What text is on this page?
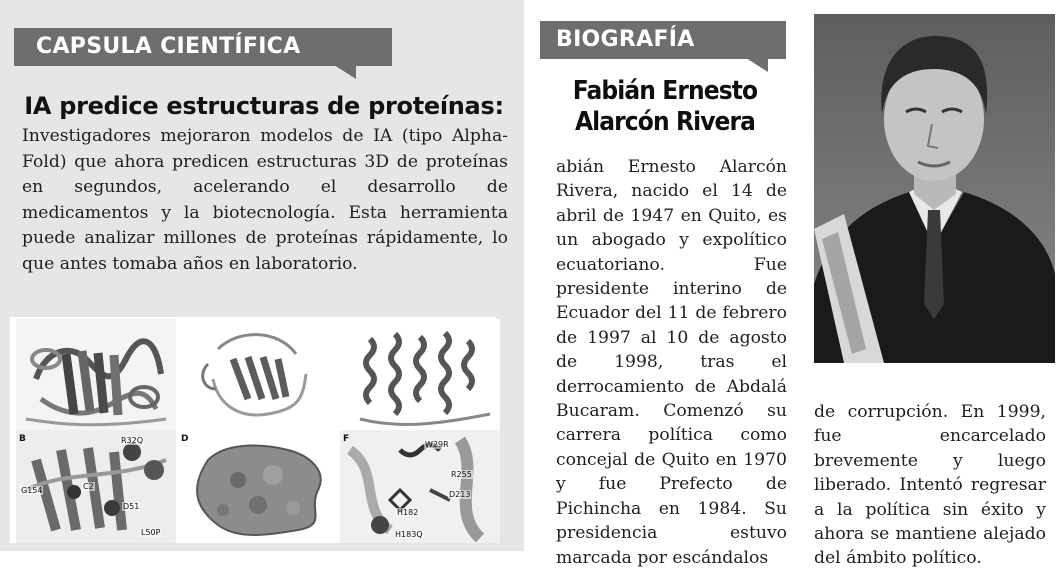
CAPSULA CIENTÍFICA
IA predice estructuras de proteínas:

Investigadores mejoraron modelos de IA (tipo Alpha-Fold) que ahora predicen estructuras 3D de proteínas en segundos, acelerando el desarrollo de medicamentos y la biotecnología. Esta herramienta puede analizar millones de proteínas rápidamente, lo que antes tomaba años en laboratorio.

B	R32Q
G154	C2
D51
L50P
D	F
W29R
R255
D213
H182
H183Q
BIOGRAFÍA
Fabián Ernesto
Alarcón Rivera

abián Ernesto Alarcón Rivera, nacido el 14 de abril de 1947 en Quito, es un abogado y expolítico ecuatoriano. Fue presidente interino de Ecuador del 11 de febrero de 1997 al 10 de agosto de 1998, tras el derrocamiento de Abdalá Bucaram. Comenzó su carrera política como concejal de Quito en 1970 y fue Prefecto de Pichincha en 1984. Su presidencia estuvo marcada por escándalos

de corrupción. En 1999, fue encarcelado brevemente y luego liberado. Intentó regresar a la política sin éxito y ahora se mantiene alejado del ámbito político.
